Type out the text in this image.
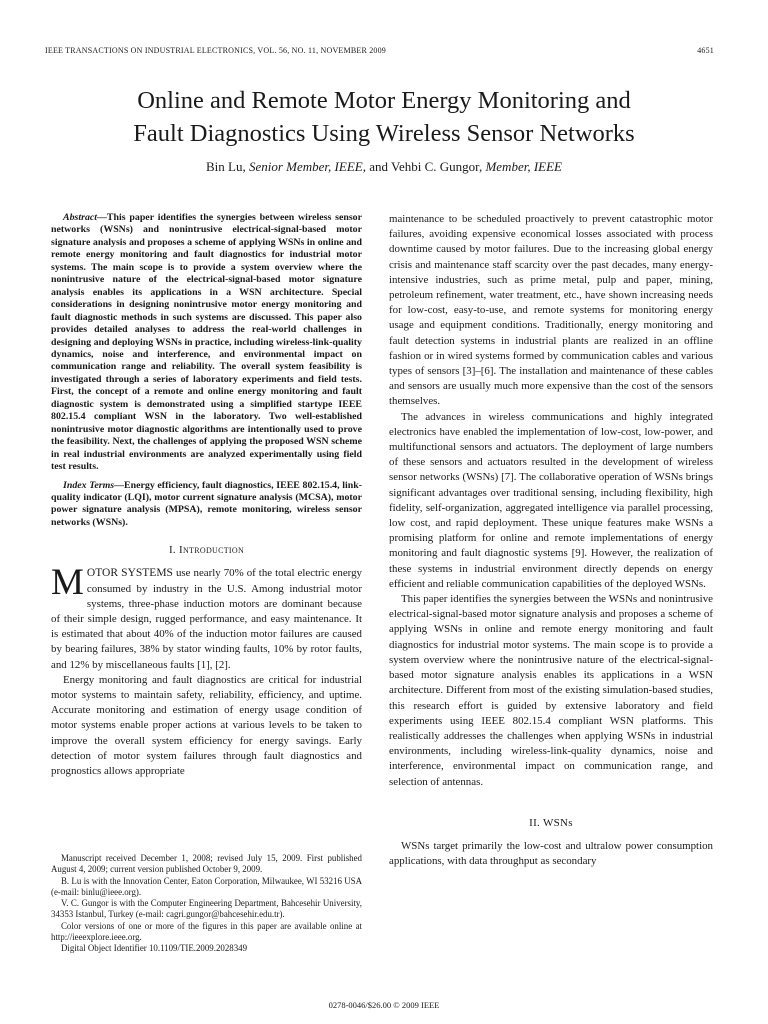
IEEE TRANSACTIONS ON INDUSTRIAL ELECTRONICS, VOL. 56, NO. 11, NOVEMBER 2009	4651
Online and Remote Motor Energy Monitoring and
Fault Diagnostics Using Wireless Sensor Networks
Bin Lu, Senior Member, IEEE, and Vehbi C. Gungor, Member, IEEE

Abstract—This paper identifies the synergies between wireless sensor networks (WSNs) and nonintrusive electrical-signal-based motor signature analysis and proposes a scheme of applying WSNs in online and remote energy monitoring and fault diagnostics for industrial motor systems. The main scope is to provide a system overview where the nonintrusive nature of the electrical-signal-based motor signature analysis enables its applications in a WSN architecture. Special considerations in designing nonintrusive motor energy monitoring and fault diagnostic methods in such systems are discussed. This paper also provides detailed analyses to address the real-world challenges in designing and deploying WSNs in practice, including wireless-link-quality dynamics, noise and interference, and environmental impact on communication range and reliability. The overall system feasibility is investigated through a series of laboratory experiments and field tests. First, the concept of a remote and online energy monitoring and fault diagnostic system is demonstrated using a simplified startype IEEE 802.15.4 compliant WSN in the laboratory. Two well-established nonintrusive motor diagnostic algorithms are intentionally used to prove the feasibility. Next, the challenges of applying the proposed WSN scheme in real industrial environments are analyzed experimentally using field test results.

Index Terms—Energy efficiency, fault diagnostics, IEEE 802.15.4, link-quality indicator (LQI), motor current signature analysis (MCSA), motor power signature analysis (MPSA), remote monitoring, wireless sensor networks (WSNs).

I. Introduction

MOTOR SYSTEMS use nearly 70% of the total electric energy consumed by industry in the U.S. Among industrial motor systems, three-phase induction motors are dominant because of their simple design, rugged performance, and easy maintenance. It is estimated that about 40% of the induction motor failures are caused by bearing failures, 38% by stator winding faults, 10% by rotor faults, and 12% by miscellaneous faults [1], [2].

Energy monitoring and fault diagnostics are critical for industrial motor systems to maintain safety, reliability, efficiency, and uptime. Accurate monitoring and estimation of energy usage condition of motor systems enable proper actions at various levels to be taken to improve the overall system efficiency for energy savings. Early detection of motor system failures through fault diagnostics and prognostics allows appropriate

Manuscript received December 1, 2008; revised July 15, 2009. First published August 4, 2009; current version published October 9, 2009.

B. Lu is with the Innovation Center, Eaton Corporation, Milwaukee, WI 53216 USA (e-mail: binlu@ieee.org).

V. C. Gungor is with the Computer Engineering Department, Bahcesehir University, 34353 Istanbul, Turkey (e-mail: cagri.gungor@bahcesehir.edu.tr).

Color versions of one or more of the figures in this paper are available online at http://ieeexplore.ieee.org.

Digital Object Identifier 10.1109/TIE.2009.2028349

maintenance to be scheduled proactively to prevent catastrophic motor failures, avoiding expensive economical losses associated with process downtime caused by motor failures. Due to the increasing global energy crisis and maintenance staff scarcity over the past decades, many energy-intensive industries, such as prime metal, pulp and paper, mining, petroleum refinement, water treatment, etc., have shown increasing needs for low-cost, easy-to-use, and remote systems for monitoring energy usage and equipment conditions. Traditionally, energy monitoring and fault detection systems in industrial plants are realized in an offline fashion or in wired systems formed by communication cables and various types of sensors [3]–[6]. The installation and maintenance of these cables and sensors are usually much more expensive than the cost of the sensors themselves.

The advances in wireless communications and highly integrated electronics have enabled the implementation of low-cost, low-power, and multifunctional sensors and actuators. The deployment of large numbers of these sensors and actuators resulted in the development of wireless sensor networks (WSNs) [7]. The collaborative operation of WSNs brings significant advantages over traditional sensing, including flexibility, high fidelity, self-organization, aggregated intelligence via parallel processing, low cost, and rapid deployment. These unique features make WSNs a promising platform for online and remote implementations of energy monitoring and fault diagnostic systems [9]. However, the realization of these systems in industrial environment directly depends on energy efficient and reliable communication capabilities of the deployed WSNs.

This paper identifies the synergies between the WSNs and nonintrusive electrical-signal-based motor signature analysis and proposes a scheme of applying WSNs in online and remote energy monitoring and fault diagnostics for industrial motor systems. The main scope is to provide a system overview where the nonintrusive nature of the electrical-signal-based motor signature analysis enables its applications in a WSN architecture. Different from most of the existing simulation-based studies, this research effort is guided by extensive laboratory and field experiments using IEEE 802.15.4 compliant WSN platforms. This realistically addresses the challenges when applying WSNs in industrial environments, including wireless-link-quality dynamics, noise and interference, environmental impact on communication range, and selection of antennas.

II. WSNs

WSNs target primarily the low-cost and ultralow power consumption applications, with data throughput as secondary

0278-0046/$26.00 © 2009 IEEE
